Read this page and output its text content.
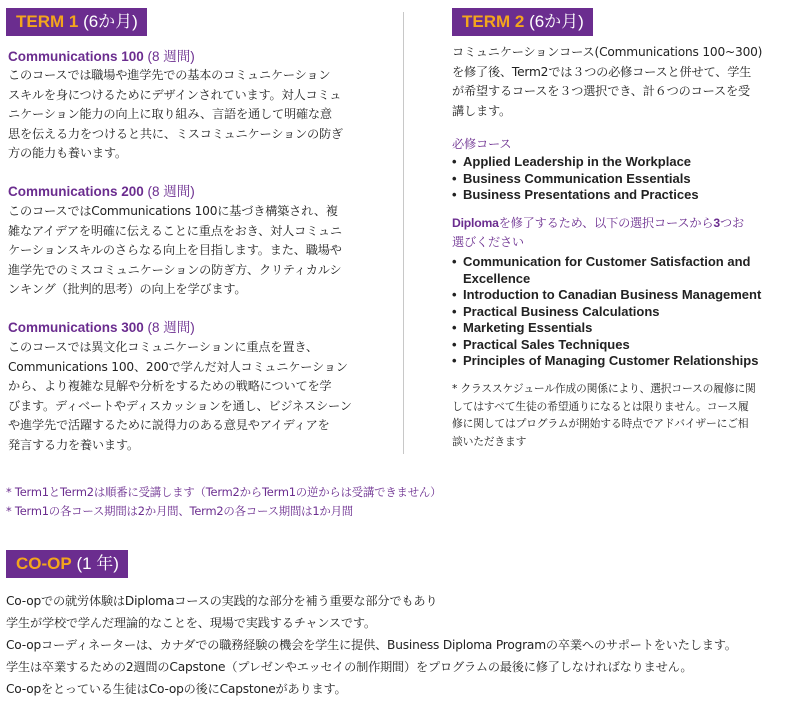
TERM 1 (6か月)
Communications 100 (8 週間)
このコースでは職場や進学先での基本のコミュニケーション
スキルを身につけるためにデザインされています。対人コミュ
ニケーション能力の向上に取り組み、言語を通して明確な意
思を伝える力をつけると共に、ミスコミュニケーションの防ぎ
方の能力も養います。
Communications 200 (8 週間)
このコースではCommunications 100に基づき構築され、複
雑なアイデアを明確に伝えることに重点をおき、対人コミュニ
ケーションスキルのさらなる向上を目指します。また、職場や
進学先でのミスコミュニケーションの防ぎ方、クリティカルシ
ンキング（批判的思考）の向上を学びます。
Communications 300 (8 週間)
このコースでは異文化コミュニケーションに重点を置き、
Communications 100、200で学んだ対人コミュニケーション
から、より複雑な見解や分析をするための戦略についてを学
びます。ディベートやディスカッションを通し、ビジネスシーン
や進学先で活躍するために説得力のある意見やアイディアを
発言する力を養います。
TERM 2 (6か月)
コミュニケーションコース(Communications 100~300)
を修了後、Term2では３つの必修コースと併せて、学生
が希望するコースを３つ選択でき、計６つのコースを受
講します。
必修コース
• Applied Leadership in the Workplace
• Business Communication Essentials
• Business Presentations and Practices
Diplomaを修了するため、以下の選択コースから3つお
選びください
• Communication for Customer Satisfaction and
Excellence
• Introduction to Canadian Business Management
• Practical Business Calculations
• Marketing Essentials
• Practical Sales Techniques
• Principles of Managing Customer Relationships
* クラススケジュール作成の関係により、選択コースの履修に関
してはすべて生徒の希望通りになるとは限りません。コース履
修に関してはプログラムが開始する時点でアドバイザーにご相
談いただきます
* Term1とTerm2は順番に受講します（Term2からTerm1の逆からは受講できません）
* Term1の各コース期間は2か月間、Term2の各コース期間は1か月間
CO-OP (1 年)
Co-opでの就労体験はDiplomaコースの実践的な部分を補う重要な部分でもあり
学生が学校で学んだ理論的なことを、現場で実践するチャンスです。
Co-opコーディネーターは、カナダでの職務経験の機会を学生に提供、Business Diploma Programの卒業へのサポートをいたします。
学生は卒業するための2週間のCapstone（プレゼンやエッセイの制作期間）をプログラムの最後に修了しなければなりません。
Co-opをとっている生徒はCo-opの後にCapstoneがあります。
